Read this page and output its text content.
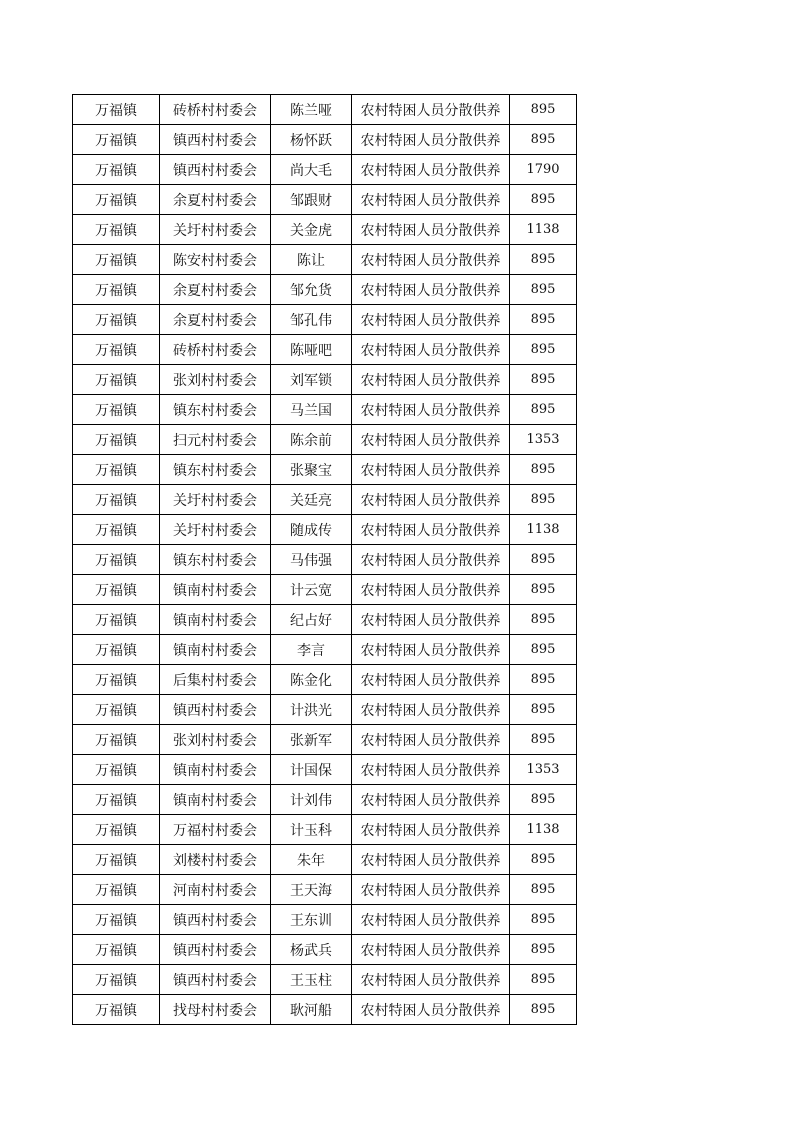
万福镇	砖桥村村委会	陈兰哑	农村特困人员分散供养	895
万福镇	镇西村村委会	杨怀跃	农村特困人员分散供养	895
万福镇	镇西村村委会	尚大毛	农村特困人员分散供养	1790
万福镇	余夏村村委会	邹跟财	农村特困人员分散供养	895
万福镇	关圩村村委会	关金虎	农村特困人员分散供养	1138
万福镇	陈安村村委会	陈让	农村特困人员分散供养	895
万福镇	余夏村村委会	邹允货	农村特困人员分散供养	895
万福镇	余夏村村委会	邹孔伟	农村特困人员分散供养	895
万福镇	砖桥村村委会	陈哑吧	农村特困人员分散供养	895
万福镇	张刘村村委会	刘军锁	农村特困人员分散供养	895
万福镇	镇东村村委会	马兰国	农村特困人员分散供养	895
万福镇	扫元村村委会	陈余前	农村特困人员分散供养	1353
万福镇	镇东村村委会	张聚宝	农村特困人员分散供养	895
万福镇	关圩村村委会	关廷亮	农村特困人员分散供养	895
万福镇	关圩村村委会	随成传	农村特困人员分散供养	1138
万福镇	镇东村村委会	马伟强	农村特困人员分散供养	895
万福镇	镇南村村委会	计云宽	农村特困人员分散供养	895
万福镇	镇南村村委会	纪占好	农村特困人员分散供养	895
万福镇	镇南村村委会	李言	农村特困人员分散供养	895
万福镇	后集村村委会	陈金化	农村特困人员分散供养	895
万福镇	镇西村村委会	计洪光	农村特困人员分散供养	895
万福镇	张刘村村委会	张新军	农村特困人员分散供养	895
万福镇	镇南村村委会	计国保	农村特困人员分散供养	1353
万福镇	镇南村村委会	计刘伟	农村特困人员分散供养	895
万福镇	万福村村委会	计玉科	农村特困人员分散供养	1138
万福镇	刘楼村村委会	朱年	农村特困人员分散供养	895
万福镇	河南村村委会	王天海	农村特困人员分散供养	895
万福镇	镇西村村委会	王东训	农村特困人员分散供养	895
万福镇	镇西村村委会	杨武兵	农村特困人员分散供养	895
万福镇	镇西村村委会	王玉柱	农村特困人员分散供养	895
万福镇	找母村村委会	耿河船	农村特困人员分散供养	895
